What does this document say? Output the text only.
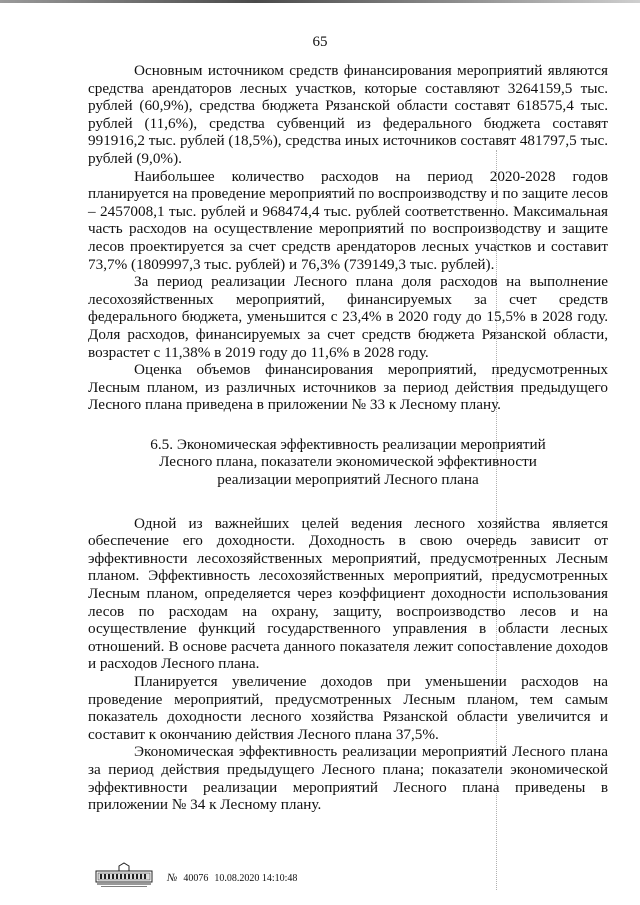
65

Основным источником средств финансирования мероприятий являются средства арендаторов лесных участков, которые составляют 3264159,5 тыс. рублей (60,9%), средства бюджета Рязанской области составят 618575,4 тыс. рублей (11,6%), средства субвенций из федерального бюджета составят 991916,2 тыс. рублей (18,5%), средства иных источников составят 481797,5 тыс. рублей (9,0%).

Наибольшее количество расходов на период 2020-2028 годов планируется на проведение мероприятий по воспроизводству и по защите лесов – 2457008,1 тыс. рублей и 968474,4 тыс. рублей соответственно. Максимальная часть расходов на осуществление мероприятий по воспроизводству и защите лесов проектируется за счет средств арендаторов лесных участков и составит 73,7% (1809997,3 тыс. рублей) и 76,3% (739149,3 тыс. рублей).

За период реализации Лесного плана доля расходов на выполнение лесохозяйственных мероприятий, финансируемых за счет средств федерального бюджета, уменьшится с 23,4% в 2020 году до 15,5% в 2028 году. Доля расходов, финансируемых за счет средств бюджета Рязанской области, возрастет с 11,38% в 2019 году до 11,6% в 2028 году.

Оценка объемов финансирования мероприятий, предусмотренных Лесным планом, из различных источников за период действия предыдущего Лесного плана приведена в приложении № 33 к Лесному плану.

6.5. Экономическая эффективность реализации мероприятий
Лесного плана, показатели экономической эффективности
реализации мероприятий Лесного плана

Одной из важнейших целей ведения лесного хозяйства является обеспечение его доходности. Доходность в свою очередь зависит от эффективности лесохозяйственных мероприятий, предусмотренных Лесным планом. Эффективность лесохозяйственных мероприятий, предусмотренных Лесным планом, определяется через коэффициент доходности использования лесов по расходам на охрану, защиту, воспроизводство лесов и на осуществление функций государственного управления в области лесных отношений. В основе расчета данного показателя лежит сопоставление доходов и расходов Лесного плана.

Планируется увеличение доходов при уменьшении расходов на проведение мероприятий, предусмотренных Лесным планом, тем самым показатель доходности лесного хозяйства Рязанской области увеличится и составит к окончанию действия Лесного плана 37,5%.

Экономическая эффективность реализации мероприятий Лесного плана за период действия предыдущего Лесного плана; показатели экономической эффективности реализации мероприятий Лесного плана приведены в приложении № 34 к Лесному плану.

№ 40076 10.08.2020 14:10:48
